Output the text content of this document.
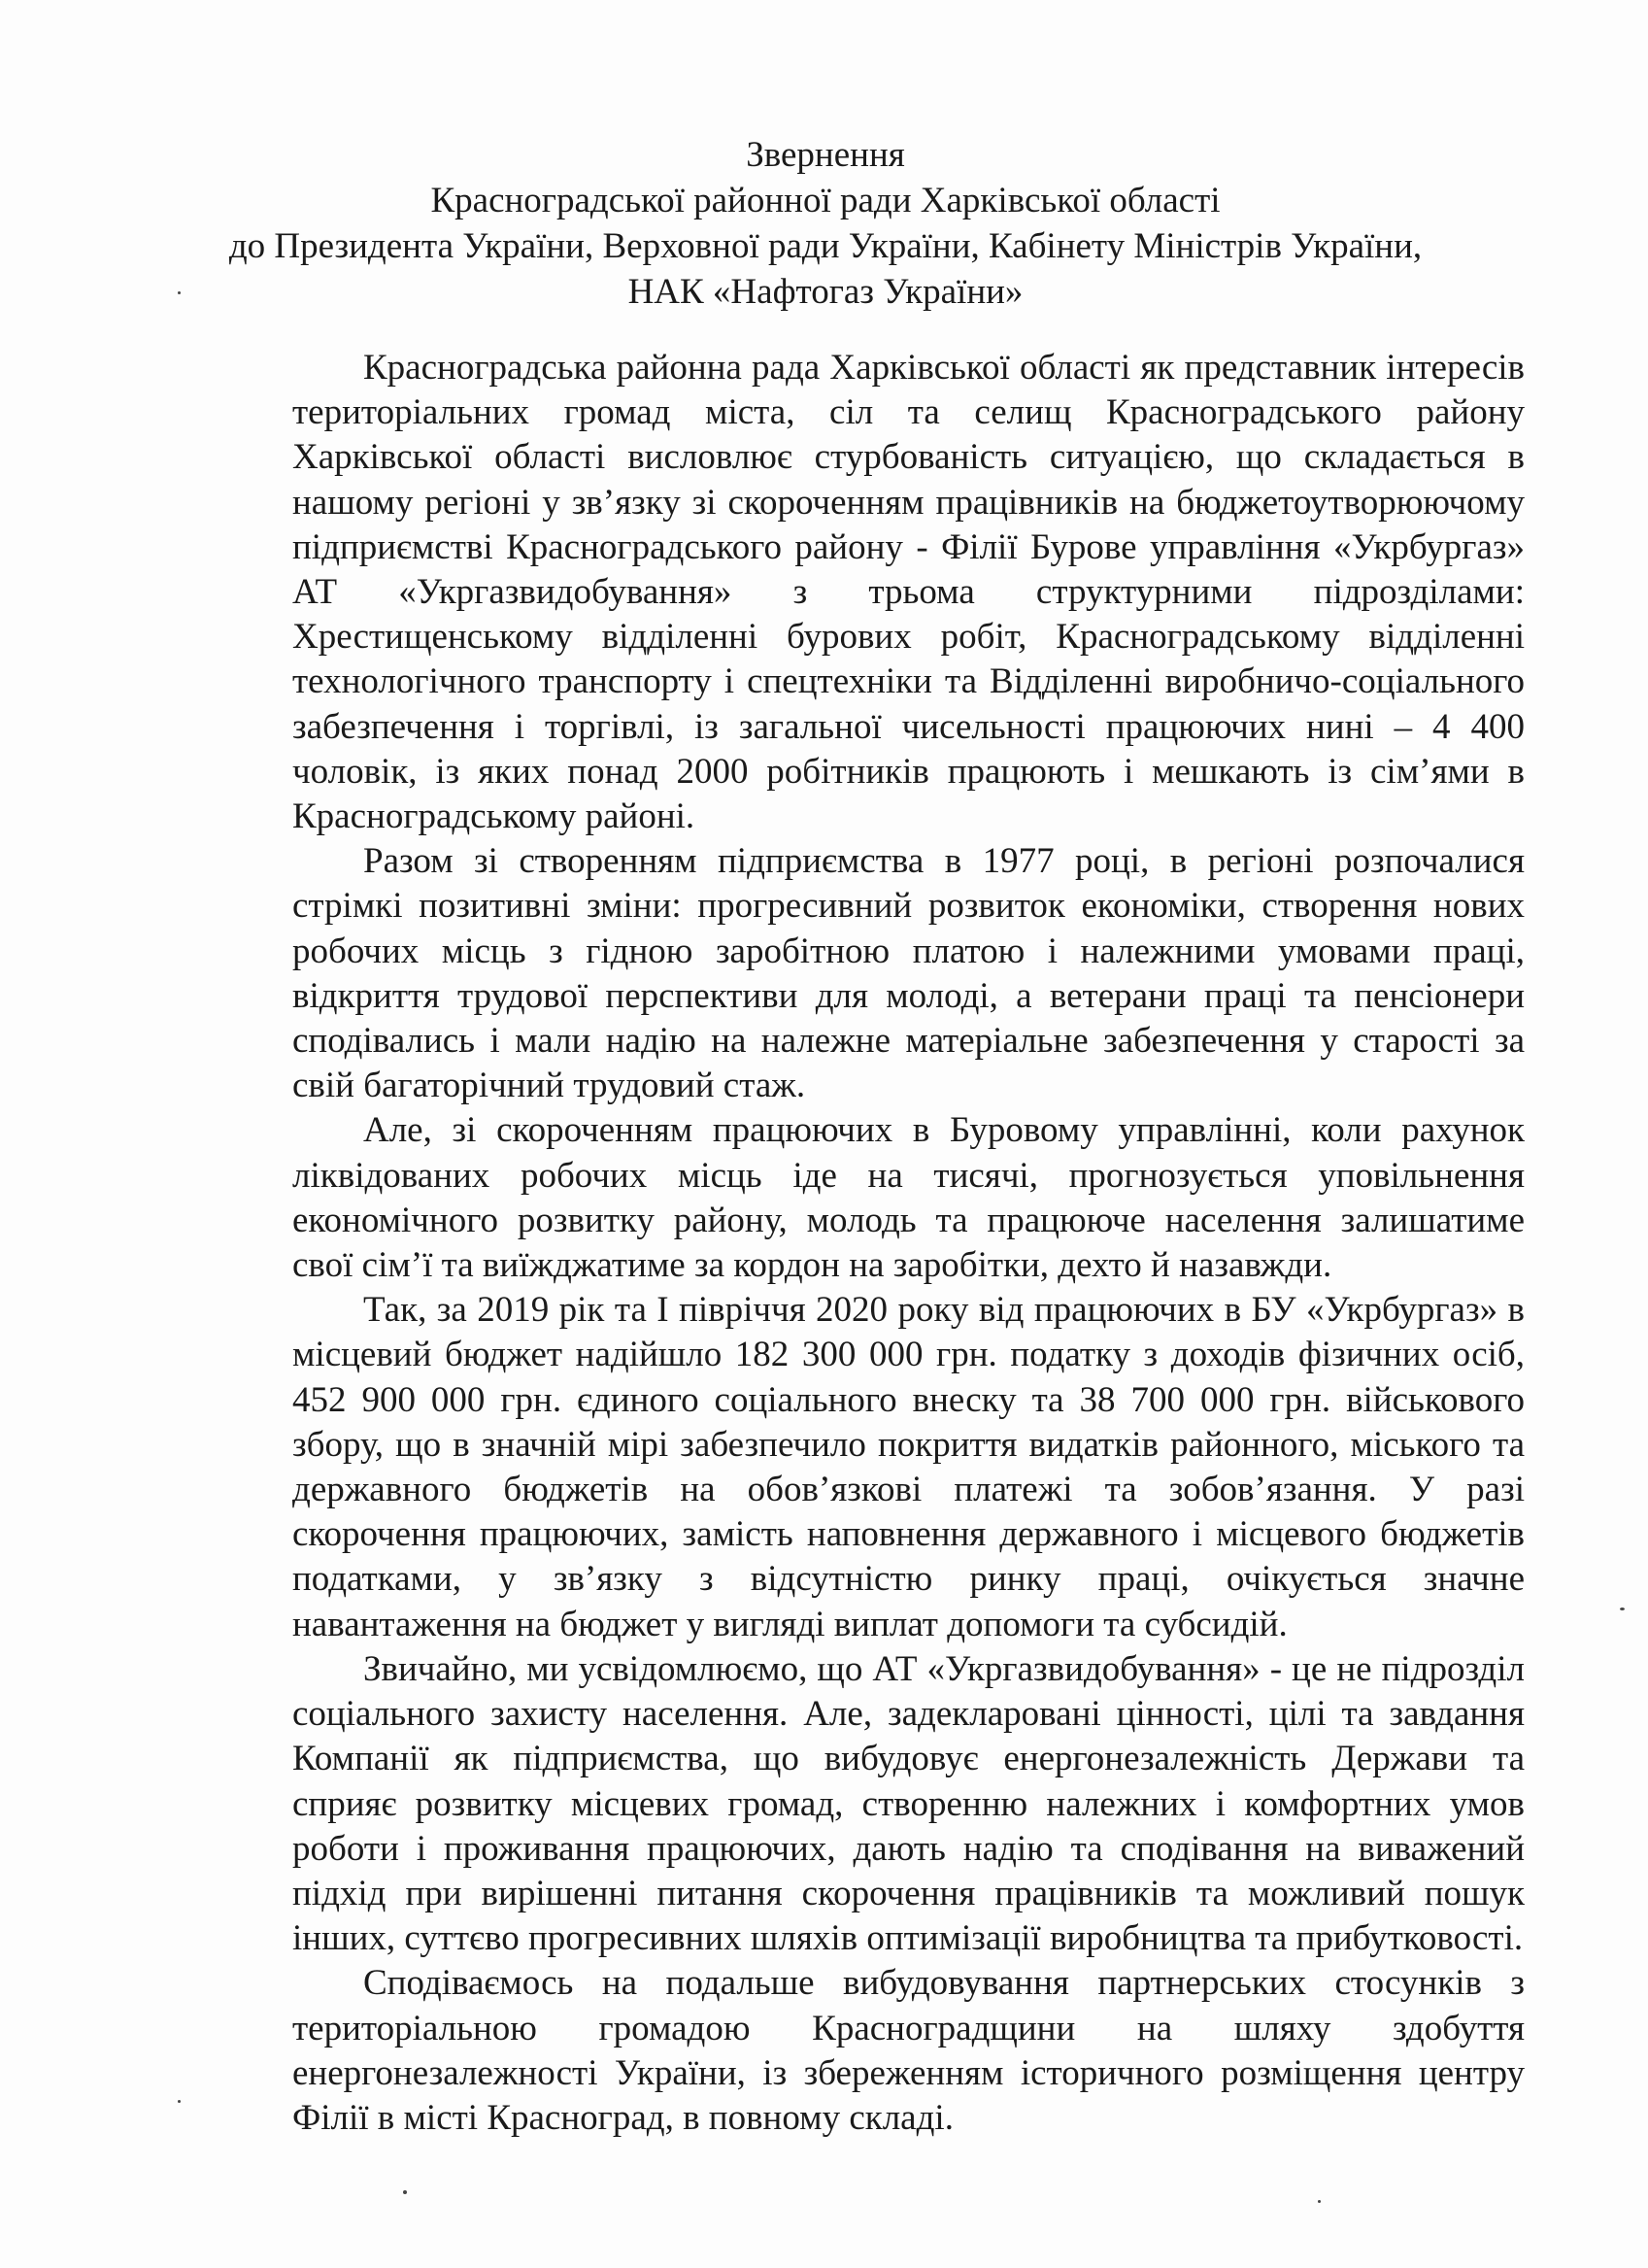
Звернення
Красноградської районної ради Харківської області
до Президента України, Верховної ради України, Кабінету Міністрів України,
НАК «Нафтогаз України»
Красноградська районна рада Харківської області як представник інтересів
територіальних громад міста, сіл та селищ Красноградського району
Харківської області висловлює стурбованість ситуацією, що складається в
нашому регіоні у зв’язку зі скороченням працівників на бюджетоутворюючому
підприємстві Красноградського району - Філії Бурове управління «Укрбургаз»
АТ «Укргазвидобування» з трьома структурними підрозділами:
Хрестищенському відділенні бурових робіт, Красноградському відділенні
технологічного транспорту і спецтехніки та Відділенні виробничо-соціального
забезпечення і торгівлі, із загальної чисельності працюючих нині – 4 400
чоловік, із яких понад 2000 робітників працюють і мешкають із сім’ями в
Красноградському районі.
Разом зі створенням підприємства в 1977 році, в регіоні розпочалися
стрімкі позитивні зміни: прогресивний розвиток економіки, створення нових
робочих місць з гідною заробітною платою і належними умовами праці,
відкриття трудової перспективи для молоді, а ветерани праці та пенсіонери
сподівались і мали надію на належне матеріальне забезпечення у старості за
свій багаторічний трудовий стаж.
Але, зі скороченням працюючих в Буровому управлінні, коли рахунок
ліквідованих робочих місць іде на тисячі, прогнозується уповільнення
економічного розвитку району, молодь та працююче населення залишатиме
свої сім’ї та виїжджатиме за кордон на заробітки, дехто й назавжди.
Так, за 2019 рік та І півріччя 2020 року від працюючих в БУ «Укрбургаз» в
місцевий бюджет надійшло 182 300 000 грн. податку з доходів фізичних осіб,
452 900 000 грн. єдиного соціального внеску та 38 700 000 грн. військового
збору, що в значній мірі забезпечило покриття видатків районного, міського та
державного бюджетів на обов’язкові платежі та зобов’язання. У разі
скорочення працюючих, замість наповнення державного і місцевого бюджетів
податками, у зв’язку з відсутністю ринку праці, очікується значне
навантаження на бюджет у вигляді виплат допомоги та субсидій.
Звичайно, ми усвідомлюємо, що АТ «Укргазвидобування» - це не підрозділ
соціального захисту населення. Але, задекларовані цінності, цілі та завдання
Компанії як підприємства, що вибудовує енергонезалежність Держави та
сприяє розвитку місцевих громад, створенню належних і комфортних умов
роботи і проживання працюючих, дають надію та сподівання на виважений
підхід при вирішенні питання скорочення працівників та можливий пошук
інших, суттєво прогресивних шляхів оптимізації виробництва та прибутковості.
Сподіваємось на подальше вибудовування партнерських стосунків з
територіальною громадою Красноградщини на шляху здобуття
енергонезалежності України, із збереженням історичного розміщення центру
Філії в місті Красноград, в повному складі.
